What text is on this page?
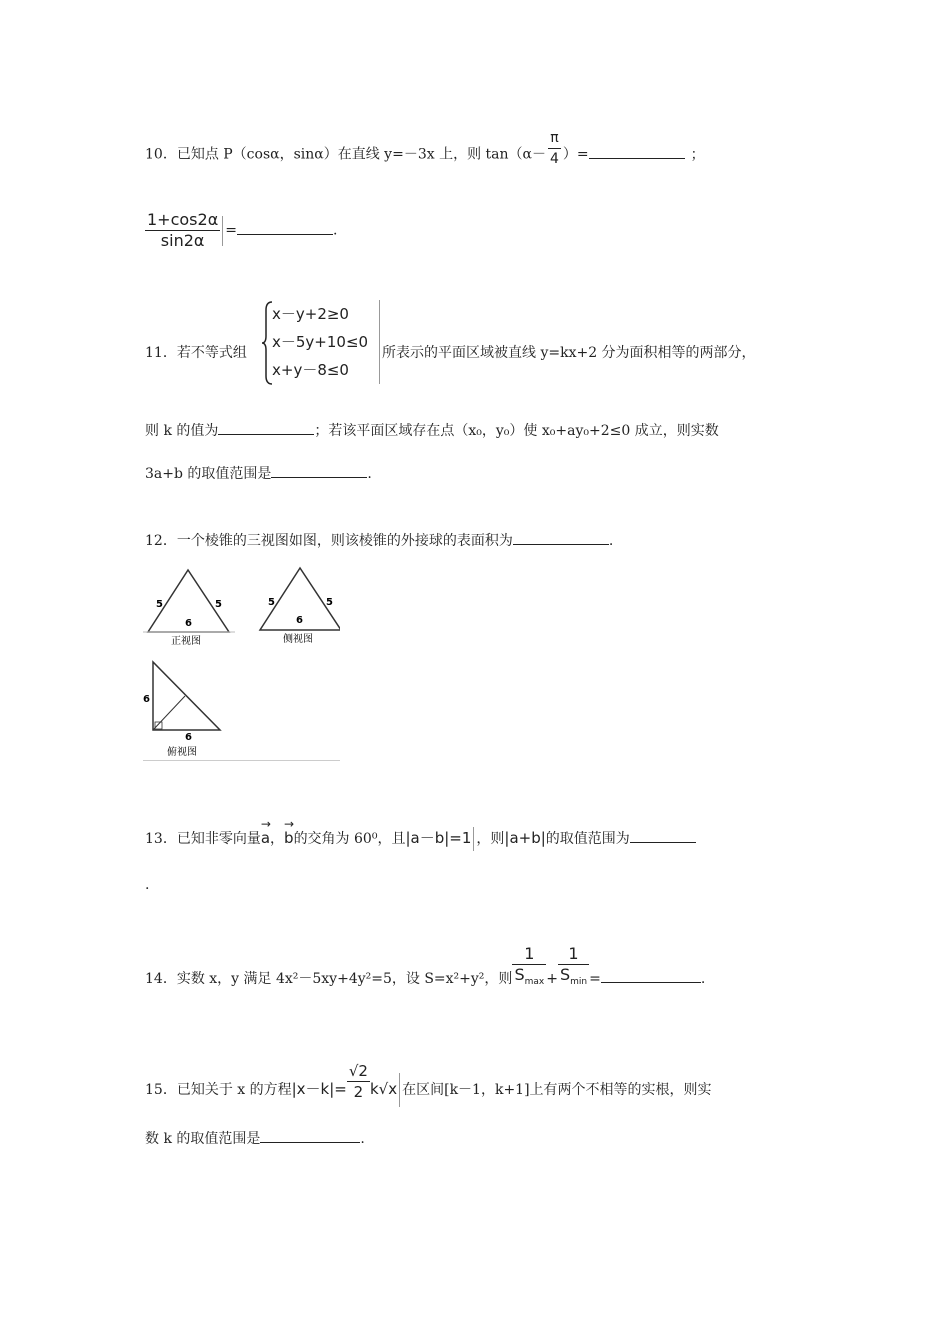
10．已知点 P（cosα，sinα）在直线 y=－3x 上，则 $\tan(\alpha- \frac{\pi}{4}$ ）=	；
$\frac{1+\cos 2\alpha}{\sin 2\alpha}$ =	.
11．若不等式组
x－y+2≥0
x－5y+10≤0
x+y－8≤0
所表示的平面区域被直线 y=kx+2 分为面积相等的两部分，
则 k 的值为	；若该平面区域存在点（x₀，y₀）使 x₀+ay₀+2≤0 成立，则实数
3a+b 的取值范围是	.
12．一个棱锥的三视图如图，则该棱锥的外接球的表面积为	.
5	5
6
正视图
5	5
6
侧视图
6
6
俯视图
13．已知非零向量→ a，→ b的交角为 60⁰，且|a－b|=1 ，则|a+b|的取值范围为
.
14．实数 x，y 满足 4x²－5xy+4y²=5，设 S=x²+y²，则 $\frac{1}{S_{max}} + \frac{1}{S_{min}}$ =	.
15．已知关于 x 的方程$|x-k|= \frac{√2}{2} k√x$ 在区间[k－1，k+1]上有两个不相等的实根，则实
数 k 的取值范围是	.
